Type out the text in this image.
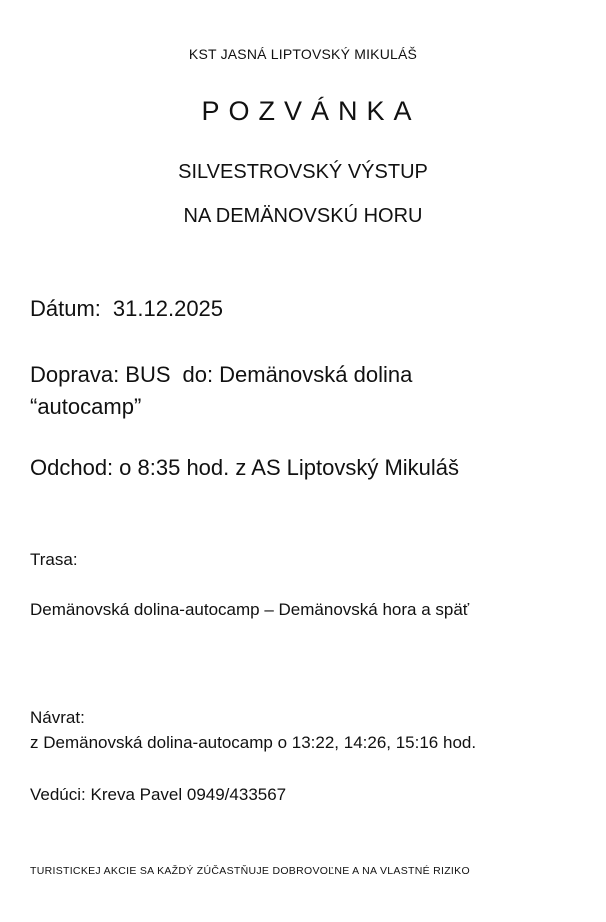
KST JASNÁ LIPTOVSKÝ MIKULÁŠ
POZVÁNKA
SILVESTROVSKÝ VÝSTUP
NA DEMÄNOVSKÚ HORU
Dátum: 31.12.2025
Doprava: BUS do: Demänovská dolina
“autocamp”
Odchod: o 8:35 hod. z AS Liptovský Mikuláš
Trasa:
Demänovská dolina-autocamp – Demänovská hora a späť
Návrat:
z Demänovská dolina-autocamp o 13:22, 14:26, 15:16 hod.
Vedúci: Kreva Pavel 0949/433567
TURISTICKEJ AKCIE SA KAŽDÝ ZÚČASTŇUJE DOBROVOĽNE A NA VLASTNÉ RIZIKO
